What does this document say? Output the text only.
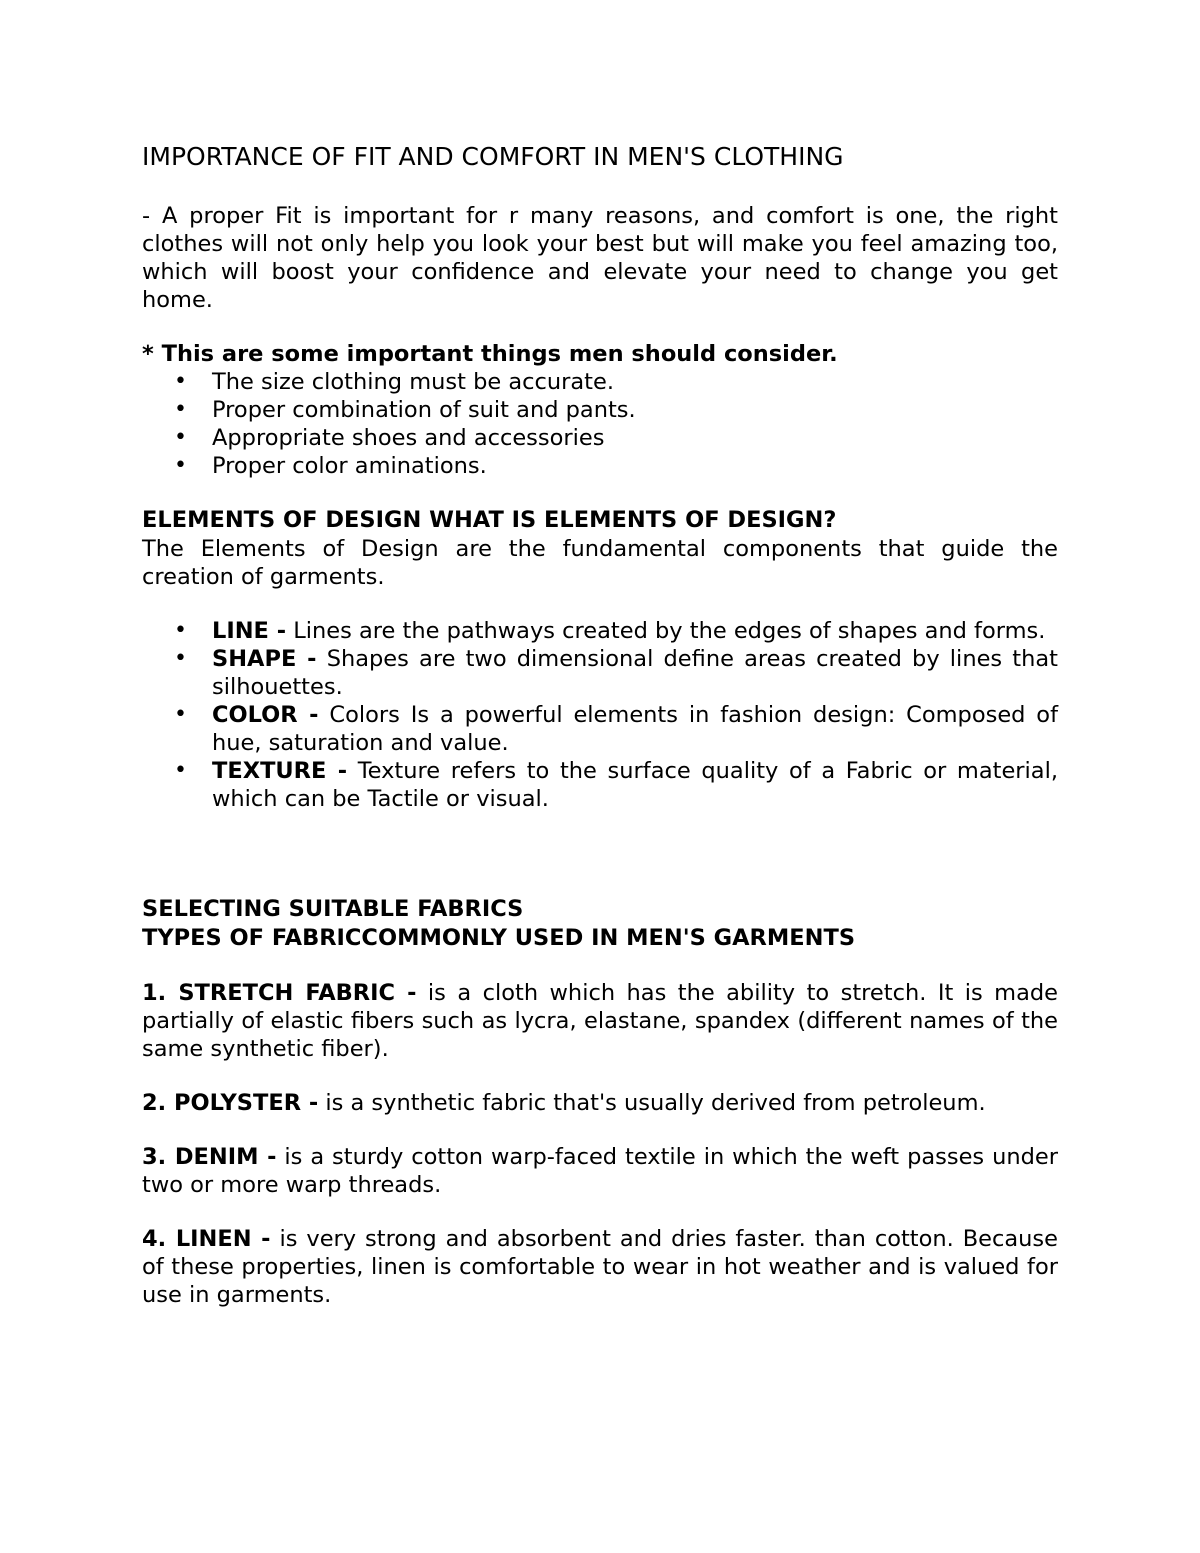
IMPORTANCE OF FIT AND COMFORT IN MEN'S CLOTHING

- A proper Fit is important for r many reasons, and comfort is one, the right clothes will not only help you look your best but will make you feel amazing too, which will boost your confidence and elevate your need to change you get home.

* This are some important things men should consider.

• The size clothing must be accurate.
• Proper combination of suit and pants.
• Appropriate shoes and accessories
• Proper color aminations.
ELEMENTS OF DESIGN WHAT IS ELEMENTS OF DESIGN?

The Elements of Design are the fundamental components that guide the creation of garments.

• LINE - Lines are the pathways created by the edges of shapes and forms.
• SHAPE - Shapes are two dimensional define areas created by lines that silhouettes.
• COLOR - Colors Is a powerful elements in fashion design: Composed of hue, saturation and value.
• TEXTURE - Texture refers to the surface quality of a Fabric or material, which can be Tactile or visual.
SELECTING SUITABLE FABRICS
TYPES OF FABRICCOMMONLY USED IN MEN'S GARMENTS

1. STRETCH FABRIC - is a cloth which has the ability to stretch. It is made partially of elastic fibers such as lycra, elastane, spandex (different names of the same synthetic fiber).

2. POLYSTER - is a synthetic fabric that's usually derived from petroleum.

3. DENIM - is a sturdy cotton warp-faced textile in which the weft passes under two or more warp threads.

4. LINEN - is very strong and absorbent and dries faster. than cotton. Because of these properties, linen is comfortable to wear in hot weather and is valued for use in garments.
